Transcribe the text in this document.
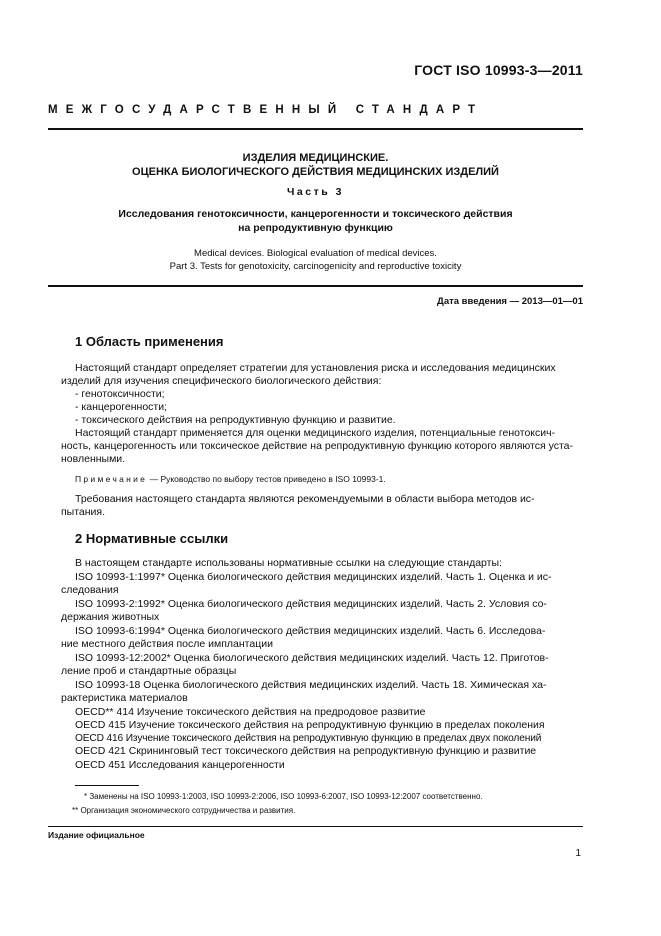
ГОСТ ISO 10993-3—2011
МЕЖГОСУДАРСТВЕННЫЙ СТАНДАРТ
ИЗДЕЛИЯ МЕДИЦИНСКИЕ.
ОЦЕНКА БИОЛОГИЧЕСКОГО ДЕЙСТВИЯ МЕДИЦИНСКИХ ИЗДЕЛИЙ
Часть 3
Исследования генотоксичности, канцерогенности и токсического действия
на репродуктивную функцию
Medical devices. Biological evaluation of medical devices.
Part 3. Tests for genotoxicity, carcinogenicity and reproductive toxicity
Дата введения — 2013—01—01
1 Область применения
Настоящий стандарт определяет стратегии для установления риска и исследования медицинских
изделий для изучения специфического биологического действия:
- генотоксичности;
- канцерогенности;
- токсического действия на репродуктивную функцию и развитие.
Настоящий стандарт применяется для оценки медицинского изделия, потенциальные генотоксич-
ность, канцерогенность или токсическое действие на репродуктивную функцию которого являются уста-
новленными.
Примечание — Руководство по выбору тестов приведено в ISO 10993-1.
Требования настоящего стандарта являются рекомендуемыми в области выбора методов ис-
пытания.
2 Нормативные ссылки
В настоящем стандарте использованы нормативные ссылки на следующие стандарты:
ISO 10993-1:1997* Оценка биологического действия медицинских изделий. Часть 1. Оценка и ис-
следования
ISO 10993-2:1992* Оценка биологического действия медицинских изделий. Часть 2. Условия со-
держания животных
ISO 10993-6:1994* Оценка биологического действия медицинских изделий. Часть 6. Исследова-
ние местного действия после имплантации
ISO 10993-12:2002* Оценка биологического действия медицинских изделий. Часть 12. Приготов-
ление проб и стандартные образцы
ISO 10993-18 Оценка биологического действия медицинских изделий. Часть 18. Химическая ха-
рактеристика материалов
OECD** 414 Изучение токсического действия на предродовое развитие
OECD 415 Изучение токсического действия на репродуктивную функцию в пределах поколения
OECD 416 Изучение токсического действия на репродуктивную функцию в пределах двух поколений
OECD 421 Скрининговый тест токсического действия на репродуктивную функцию и развитие
OECD 451 Исследования канцерогенности
* Заменены на ISO 10993-1:2003, ISO 10993-2:2006, ISO 10993-6:2007, ISO 10993-12:2007 соответственно.
** Организация экономического сотрудничества и развития.
Издание официальное
1
